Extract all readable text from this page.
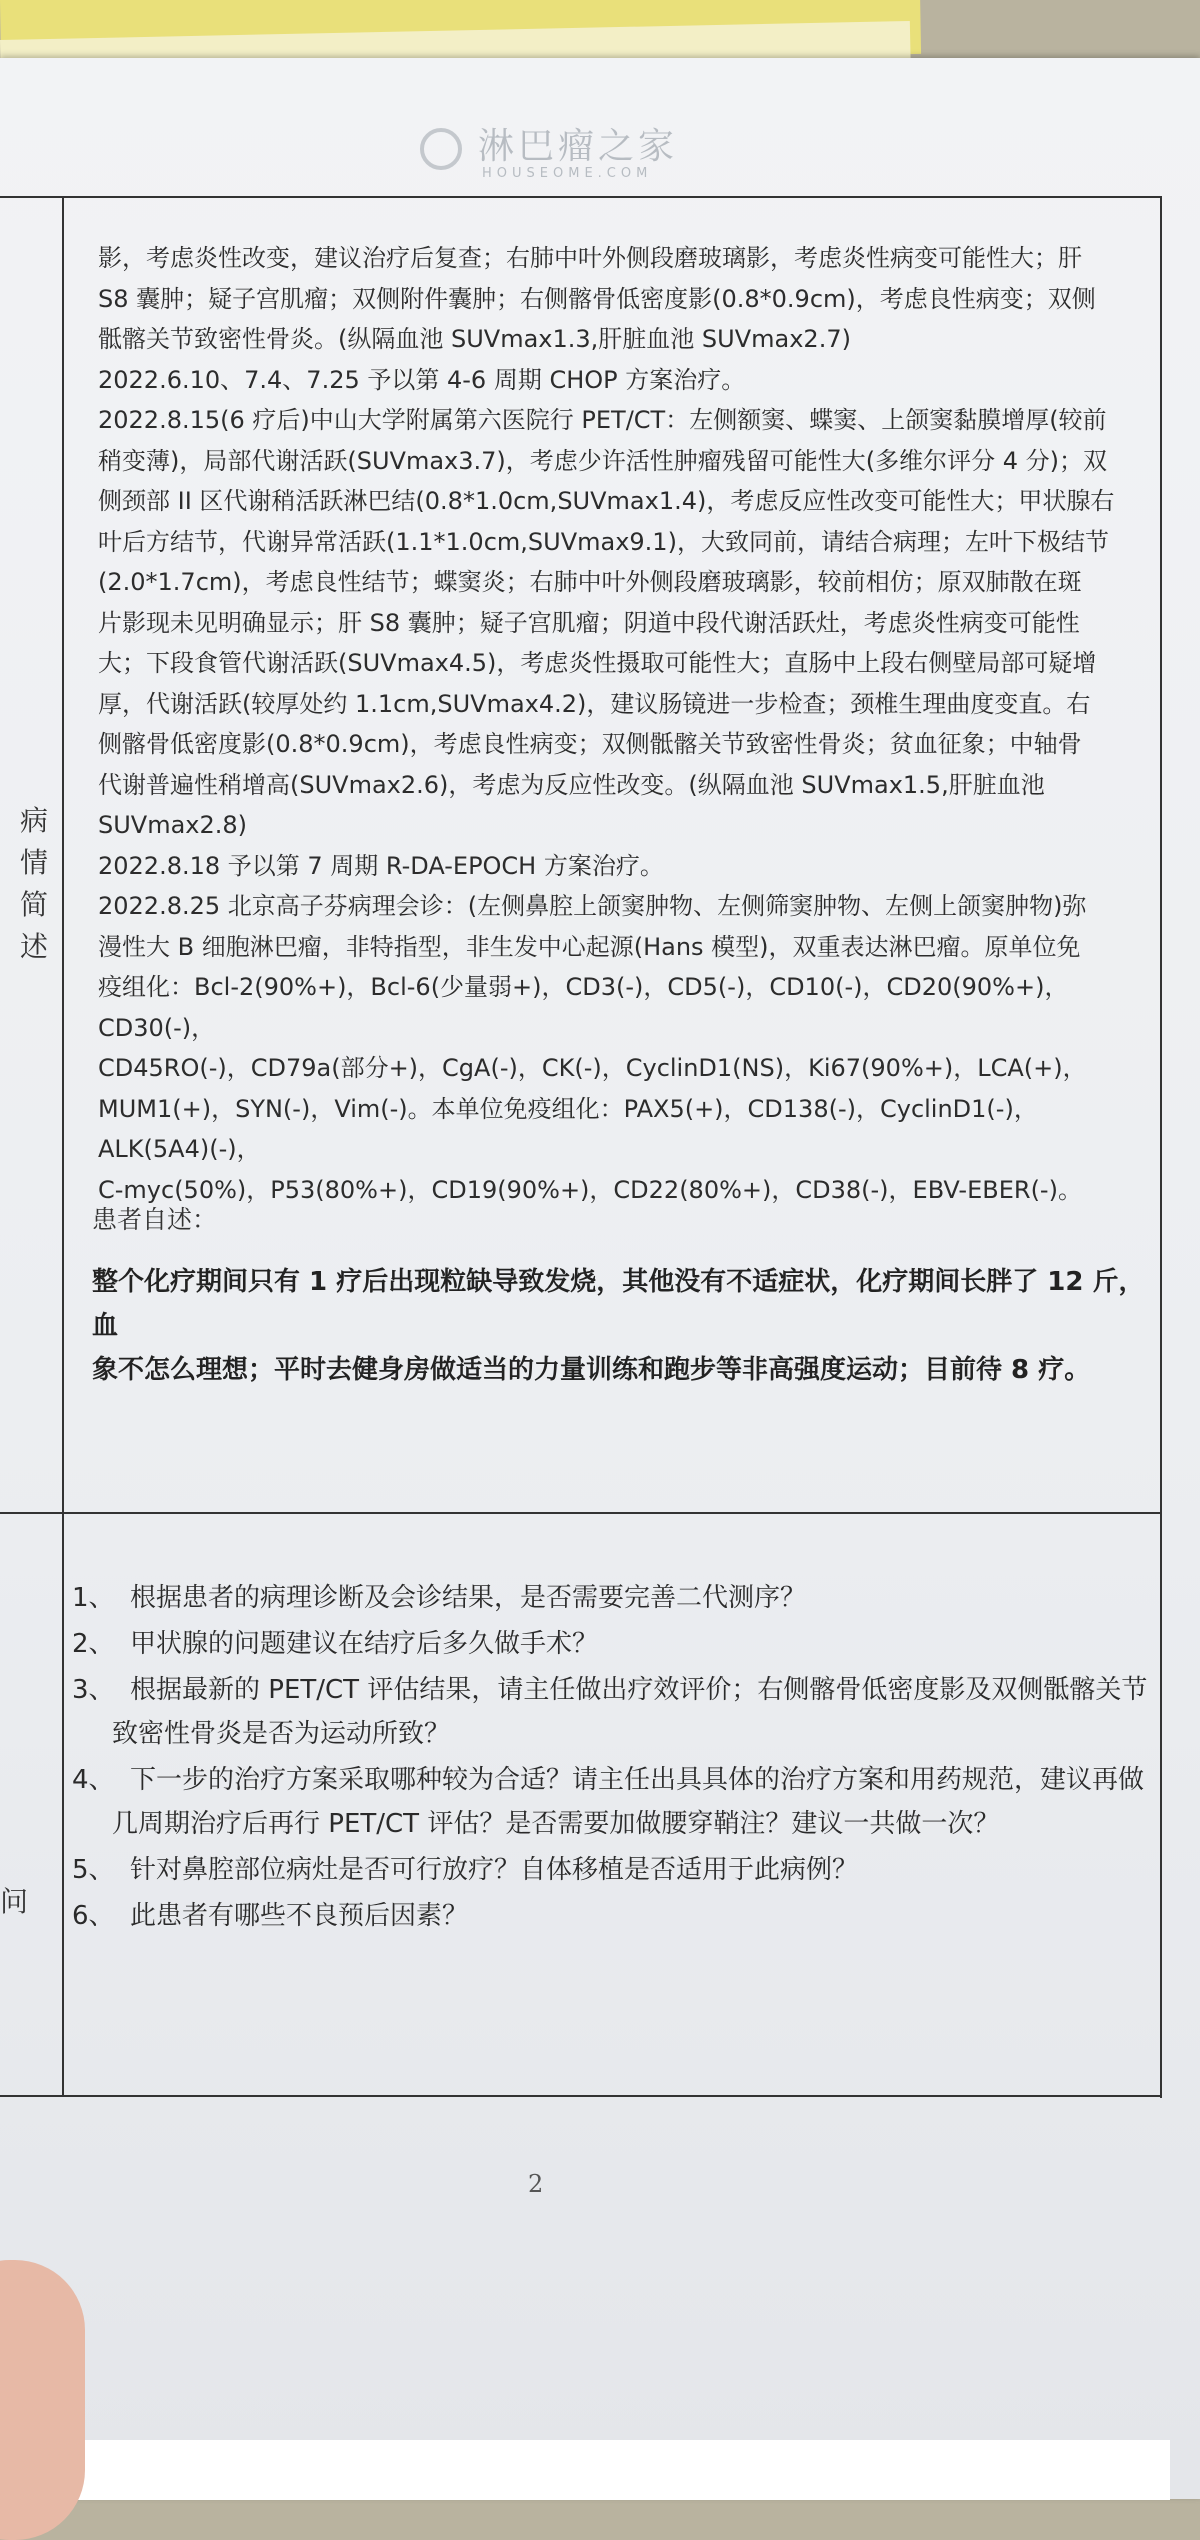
淋巴瘤之家
HOUSEOME.COM
病情简述
问

影，考虑炎性改变，建议治疗后复查；右肺中叶外侧段磨玻璃影，考虑炎性病变可能性大；肝

S8 囊肿；疑子宫肌瘤；双侧附件囊肿；右侧髂骨低密度影(0.8*0.9cm)，考虑良性病变；双侧

骶髂关节致密性骨炎。(纵隔血池 SUVmax1.3,肝脏血池 SUVmax2.7)

2022.6.10、7.4、7.25 予以第 4-6 周期 CHOP 方案治疗。

2022.8.15(6 疗后)中山大学附属第六医院行 PET/CT：左侧额窦、蝶窦、上颌窦黏膜增厚(较前

稍变薄)，局部代谢活跃(SUVmax3.7)，考虑少许活性肿瘤残留可能性大(多维尔评分 4 分)；双

侧颈部 II 区代谢稍活跃淋巴结(0.8*1.0cm,SUVmax1.4)，考虑反应性改变可能性大；甲状腺右

叶后方结节，代谢异常活跃(1.1*1.0cm,SUVmax9.1)，大致同前，请结合病理；左叶下极结节

(2.0*1.7cm)，考虑良性结节；蝶窦炎；右肺中叶外侧段磨玻璃影，较前相仿；原双肺散在斑

片影现未见明确显示；肝 S8 囊肿；疑子宫肌瘤；阴道中段代谢活跃灶，考虑炎性病变可能性

大；下段食管代谢活跃(SUVmax4.5)，考虑炎性摄取可能性大；直肠中上段右侧壁局部可疑增

厚，代谢活跃(较厚处约 1.1cm,SUVmax4.2)，建议肠镜进一步检查；颈椎生理曲度变直。右

侧髂骨低密度影(0.8*0.9cm)，考虑良性病变；双侧骶髂关节致密性骨炎；贫血征象；中轴骨

代谢普遍性稍增高(SUVmax2.6)，考虑为反应性改变。(纵隔血池 SUVmax1.5,肝脏血池

SUVmax2.8)

2022.8.18 予以第 7 周期 R-DA-EPOCH 方案治疗。

2022.8.25 北京高子芬病理会诊：(左侧鼻腔上颌窦肿物、左侧筛窦肿物、左侧上颌窦肿物)弥

漫性大 B 细胞淋巴瘤，非特指型，非生发中心起源(Hans 模型)，双重表达淋巴瘤。原单位免

疫组化：Bcl-2(90%+)，Bcl-6(少量弱+)，CD3(-)，CD5(-)，CD10(-)，CD20(90%+)，CD30(-)，

CD45RO(-)，CD79a(部分+)，CgA(-)，CK(-)，CyclinD1(NS)，Ki67(90%+)，LCA(+)，

MUM1(+)，SYN(-)，Vim(-)。本单位免疫组化：PAX5(+)，CD138(-)，CyclinD1(-)，ALK(5A4)(-)，

C-myc(50%)，P53(80%+)，CD19(90%+)，CD22(80%+)，CD38(-)，EBV-EBER(-)。

患者自述：
整个化疗期间只有 1 疗后出现粒缺导致发烧，其他没有不适症状，化疗期间长胖了 12 斤，血
象不怎么理想；平时去健身房做适当的力量训练和跑步等非高强度运动；目前待 8 疗。
1、 根据患者的病理诊断及会诊结果，是否需要完善二代测序？
2、 甲状腺的问题建议在结疗后多久做手术？
3、 根据最新的 PET/CT 评估结果，请主任做出疗效评价；右侧髂骨低密度影及双侧骶髂关节
致密性骨炎是否为运动所致？
4、 下一步的治疗方案采取哪种较为合适？请主任出具具体的治疗方案和用药规范，建议再做
几周期治疗后再行 PET/CT 评估？是否需要加做腰穿鞘注？建议一共做一次？
5、 针对鼻腔部位病灶是否可行放疗？自体移植是否适用于此病例？
6、 此患者有哪些不良预后因素？
2
